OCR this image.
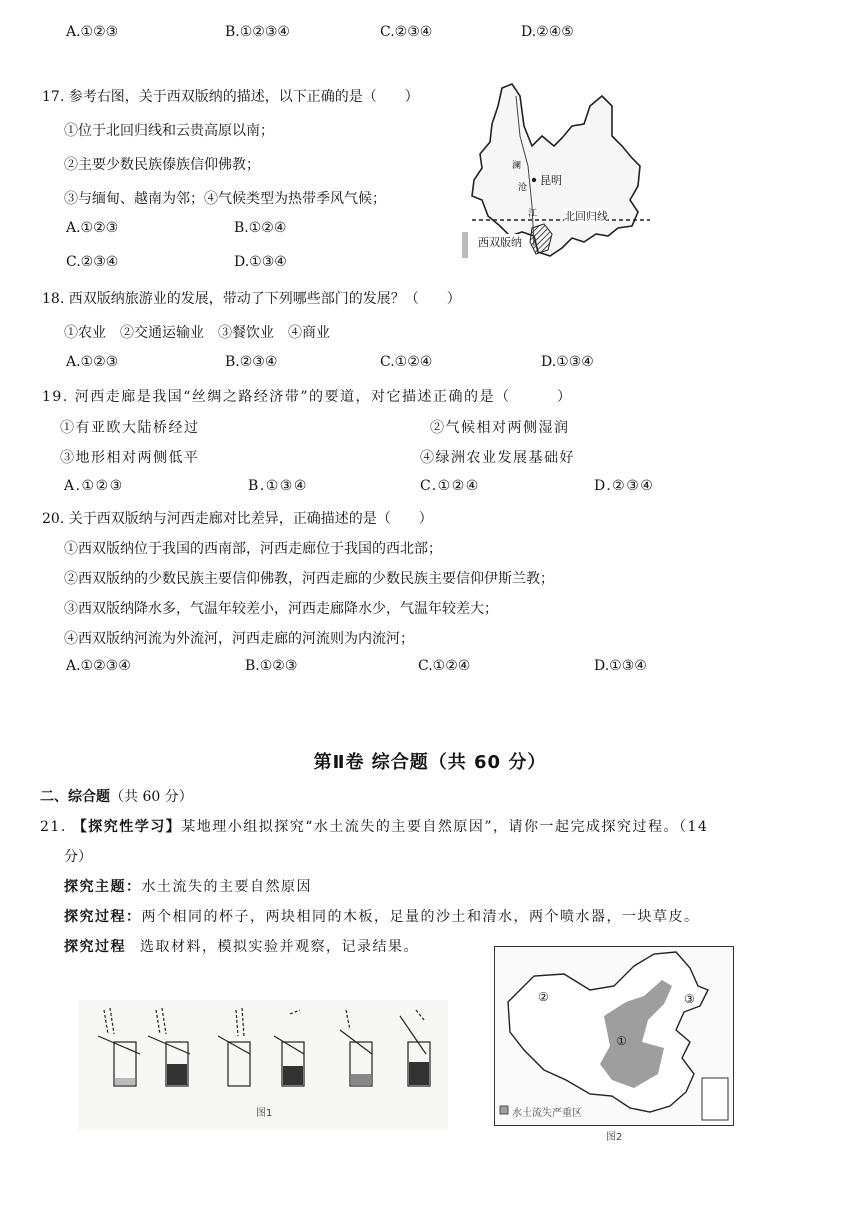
A.①②③	B.①②③④	C.②③④	D.②④⑤
17. 参考右图，关于西双版纳的描述，以下正确的是（　　）
①位于北回归线和云贵高原以南；
②主要少数民族傣族信仰佛教；
③与缅甸、越南为邻；④气候类型为热带季风气候；
A.①②③	B.①②④
C.②③④	D.①③④
昆明
澜
沧
江 北回归线
西双版纳
18. 西双版纳旅游业的发展，带动了下列哪些部门的发展？（　　）
①农业　②交通运输业　③餐饮业　④商业
A.①②③	B.②③④	C.①②④	D.①③④
19. 河西走廊是我国“丝绸之路经济带”的要道，对它描述正确的是（　　　）
①有亚欧大陆桥经过	②气候相对两侧湿润
③地形相对两侧低平	④绿洲农业发展基础好
A.①②③	B.①③④	C.①②④	D.②③④
20. 关于西双版纳与河西走廊对比差异，正确描述的是（　　）
①西双版纳位于我国的西南部，河西走廊位于我国的西北部；
②西双版纳的少数民族主要信仰佛教，河西走廊的少数民族主要信仰伊斯兰教；
③西双版纳降水多，气温年较差小，河西走廊降水少，气温年较差大；
④西双版纳河流为外流河，河西走廊的河流则为内流河；
A.①②③④	B.①②③	C.①②④	D.①③④
第Ⅱ卷 综合题（共 60 分）
二、综合题（共 60 分）
21. 【探究性学习】某地理小组拟探究“水土流失的主要自然原因”，请你一起完成探究过程。（14
分）
探究主题：水土流失的主要自然原因
探究过程：两个相同的杯子，两块相同的木板，足量的沙土和清水，两个喷水器，一块草皮。
探究过程 选取材料，模拟实验并观察，记录结果。
图1
②
①
③
水土流失严重区
图2
